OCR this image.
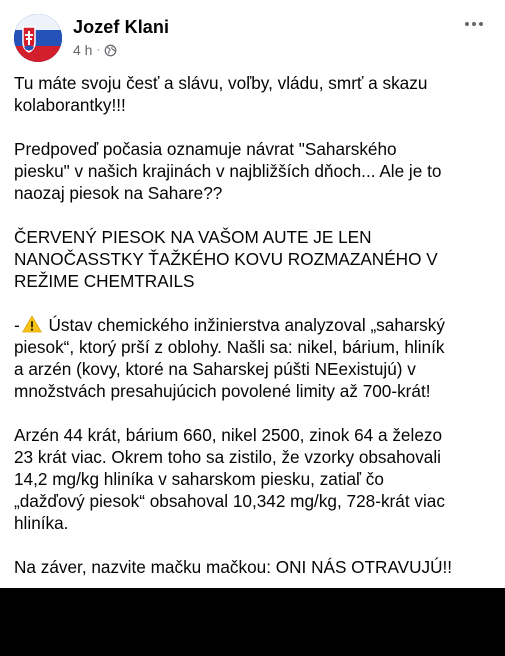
Jozef Klani
4 h ·

Tu máte svoju česť a slávu, voľby, vládu, smrť a skazu
kolaborantky!!!

Predpoveď počasia oznamuje návrat "Saharského
piesku" v našich krajinách v najbližších dňoch... Ale je to
naozaj piesok na Sahare??

ČERVENÝ PIESOK NA VAŠOM AUTE JE LEN
NANOČASSTKY ŤAŽKÉHO KOVU ROZMAZANÉHO V
REŽIME CHEMTRAILS

- Ústav chemického inžinierstva analyzoval „saharský
piesok“, ktorý prší z oblohy. Našli sa: nikel, bárium, hliník
a arzén (kovy, ktoré na Saharskej púšti NEexistujú) v
množstvách presahujúcich povolené limity až 700-krát!

Arzén 44 krát, bárium 660, nikel 2500, zinok 64 a železo
23 krát viac. Okrem toho sa zistilo, že vzorky obsahovali
14,2 mg/kg hliníka v saharskom piesku, zatiaľ čo
„dažďový piesok“ obsahoval 10,342 mg/kg, 728-krát viac
hliníka.

Na záver, nazvite mačku mačkou: ONI NÁS OTRAVUJÚ!!
